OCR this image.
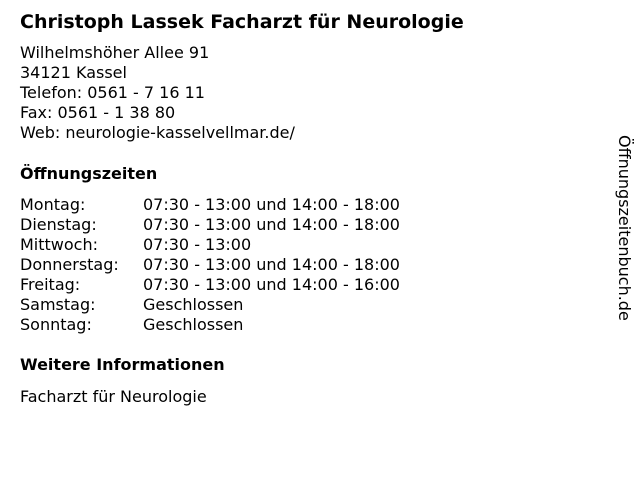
Christoph Lassek Facharzt für Neurologie
Wilhelmshöher Allee 91
34121 Kassel
Telefon: 0561 - 7 16 11
Fax: 0561 - 1 38 80
Web: neurologie-kasselvellmar.de/
Öffnungszeiten
Montag:	07:30 - 13:00 und 14:00 - 18:00
Dienstag:	07:30 - 13:00 und 14:00 - 18:00
Mittwoch:	07:30 - 13:00
Donnerstag:	07:30 - 13:00 und 14:00 - 18:00
Freitag:	07:30 - 13:00 und 14:00 - 16:00
Samstag:	Geschlossen
Sonntag:	Geschlossen
Weitere Informationen
Facharzt für Neurologie
Öffnungszeitenbuch.de
